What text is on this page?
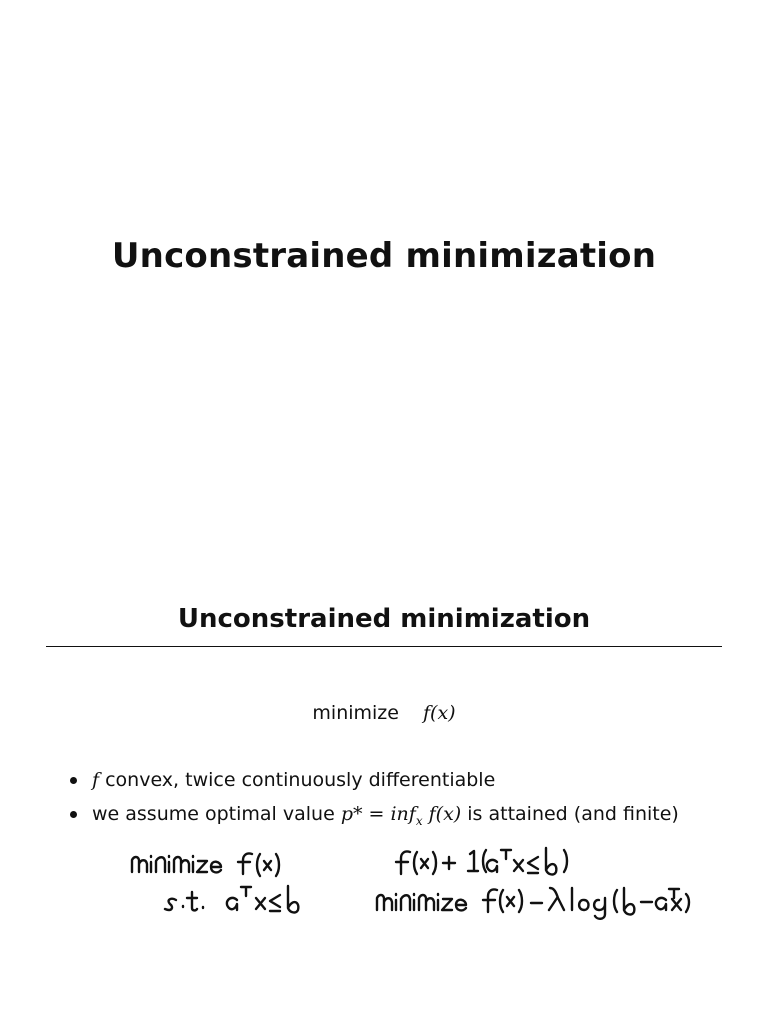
Unconstrained minimization
Unconstrained minimization
minimize f(x)
f convex, twice continuously differentiable
we assume optimal value p* = inf$_x$ f(x) is attained (and finite)
